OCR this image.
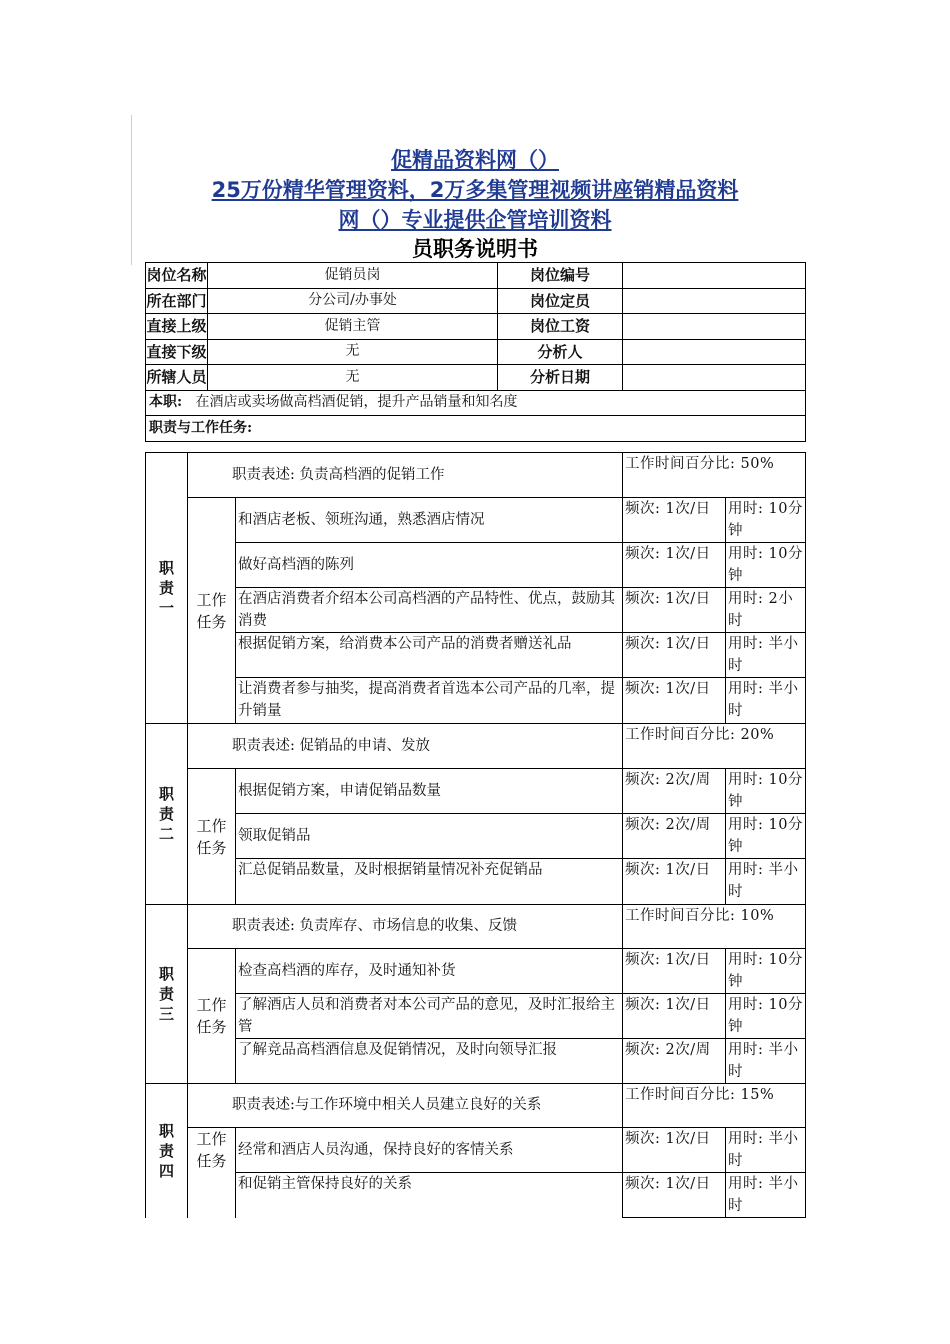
促精品资料网（）
25万份精华管理资料，2万多集管理视频讲座销精品资料
网（）专业提供企管培训资料
员职务说明书
岗位名称	促销员岗	岗位编号	
所在部门	分公司/办事处	岗位定员	
直接上级	促销主管	岗位工资	
直接下级	无	分析人	
所辖人员	无	分析日期	
本职: 在酒店或卖场做高档酒促销，提升产品销量和知名度			
职责与工作任务:			
职责一	职责表述: 负责高档酒的促销工作		工作时间百分比: 50%	
	工作任务	和酒店老板、领班沟通，熟悉酒店情况	频次: 1次/日	用时: 10分钟
		做好高档酒的陈列	频次: 1次/日	用时: 10分钟
		在酒店消费者介绍本公司高档酒的产品特性、优点，鼓励其消费	频次: 1次/日	用时: 2小时
		根据促销方案，给消费本公司产品的消费者赠送礼品	频次: 1次/日	用时: 半小时
		让消费者参与抽奖，提高消费者首选本公司产品的几率，提升销量	频次: 1次/日	用时: 半小时
职责二	职责表述: 促销品的申请、发放		工作时间百分比: 20%	
	工作任务	根据促销方案，申请促销品数量	频次: 2次/周	用时: 10分钟
		领取促销品	频次: 2次/周	用时: 10分钟
		汇总促销品数量，及时根据销量情况补充促销品	频次: 1次/日	用时: 半小时
职责三	职责表述: 负责库存、市场信息的收集、反馈		工作时间百分比: 10%	
	工作任务	检查高档酒的库存，及时通知补货	频次: 1次/日	用时: 10分钟
		了解酒店人员和消费者对本公司产品的意见，及时汇报给主管	频次: 1次/日	用时: 10分钟
		了解竞品高档酒信息及促销情况，及时向领导汇报	频次: 2次/周	用时: 半小时
职责四	职责表述:与工作环境中相关人员建立良好的关系		工作时间百分比: 15%	
	工作任务	经常和酒店人员沟通，保持良好的客情关系	频次: 1次/日	用时: 半小时
		和促销主管保持良好的关系	频次: 1次/日	用时: 半小时
